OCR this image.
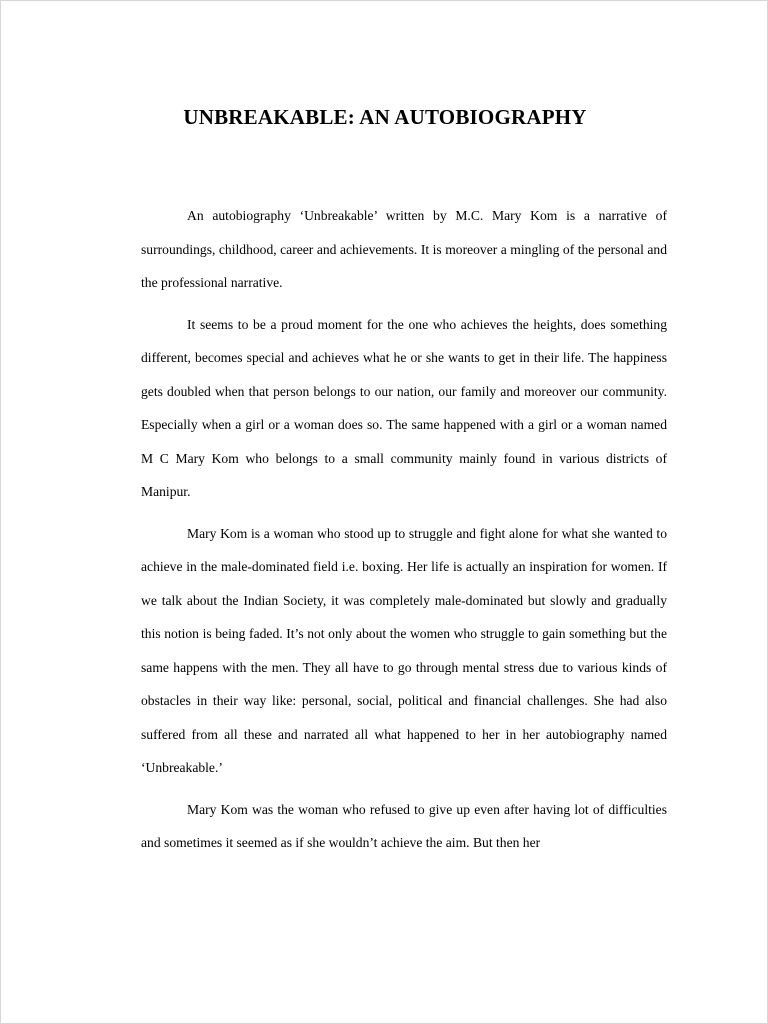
UNBREAKABLE: AN AUTOBIOGRAPHY

An autobiography ‘Unbreakable’ written by M.C. Mary Kom is a narrative of surroundings, childhood, career and achievements. It is moreover a mingling of the personal and the professional narrative.

It seems to be a proud moment for the one who achieves the heights, does something different, becomes special and achieves what he or she wants to get in their life. The happiness gets doubled when that person belongs to our nation, our family and moreover our community. Especially when a girl or a woman does so. The same happened with a girl or a woman named M C Mary Kom who belongs to a small community mainly found in various districts of Manipur.

Mary Kom is a woman who stood up to struggle and fight alone for what she wanted to achieve in the male-dominated field i.e. boxing. Her life is actually an inspiration for women. If we talk about the Indian Society, it was completely male-dominated but slowly and gradually this notion is being faded. It’s not only about the women who struggle to gain something but the same happens with the men. They all have to go through mental stress due to various kinds of obstacles in their way like: personal, social, political and financial challenges. She had also suffered from all these and narrated all what happened to her in her autobiography named ‘Unbreakable.’

Mary Kom was the woman who refused to give up even after having lot of difficulties and sometimes it seemed as if she wouldn’t achieve the aim. But then her
